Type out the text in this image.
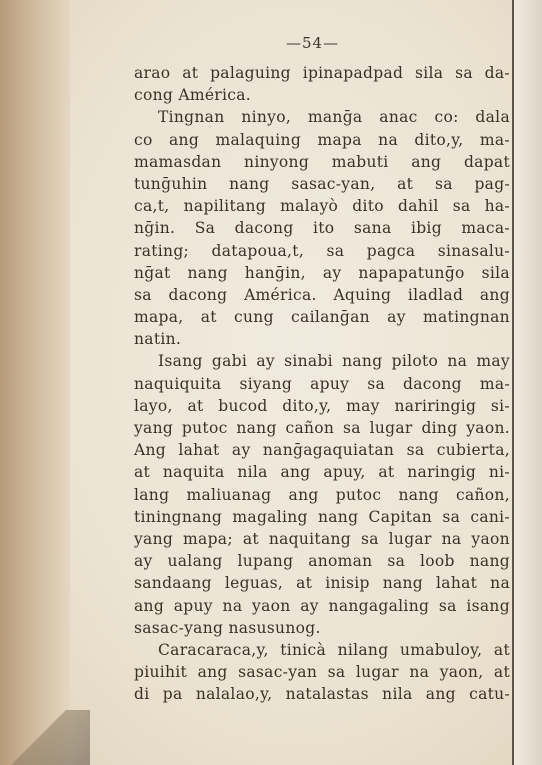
—54—
arao at palaguing ipinapadpad sila sa da-
cong América.
Tingnan ninyo, manḡa anac co: dala
co ang malaquing mapa na dito,y, ma-
mamasdan ninyong mabuti ang dapat
tunḡuhin nang sasac-yan, at sa pag-
ca,t, napilitang malayò dito dahil sa ha-
nḡin. Sa dacong ito sana ibig maca-
rating; datapoua,t, sa pagca sinasalu-
nḡat nang hanḡin, ay napapatunḡo sila
sa dacong América. Aquing iladlad ang
mapa, at cung cailanḡan ay matingnan
natin.
Isang gabi ay sinabi nang piloto na may
naquiquita siyang apuy sa dacong ma-
layo, at bucod dito,y, may nariringig si-
yang putoc nang cañon sa lugar ding yaon.
Ang lahat ay nanḡagaquiatan sa cubierta,
at naquita nila ang apuy, at naringig ni-
lang maliuanag ang putoc nang cañon,
tiningnang magaling nang Capitan sa cani-
yang mapa; at naquitang sa lugar na yaon
ay ualang lupang anoman sa loob nang
sandaang leguas, at inisip nang lahat na
ang apuy na yaon ay nangagaling sa isang
sasac-yang nasusunog.
Caracaraca,y, tinicà nilang umabuloy, at
piuihit ang sasac-yan sa lugar na yaon, at
di pa nalalao,y, natalastas nila ang catu-
